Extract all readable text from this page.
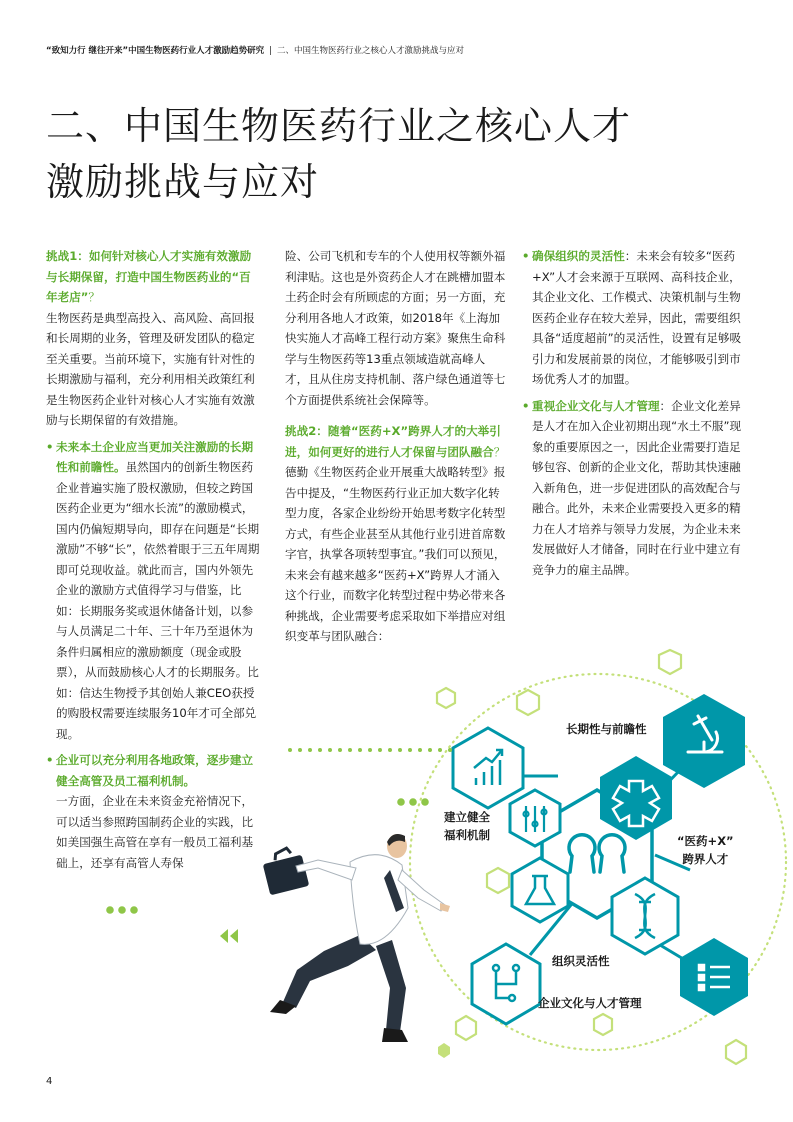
“致知力行 继往开来”中国生物医药行业人才激励趋势研究 | 二、中国生物医药行业之核心人才激励挑战与应对
二、中国生物医药行业之核心人才
激励挑战与应对

挑战1：如何针对核心人才实施有效激励与长期保留，打造中国生物医药业的“百年老店”？

生物医药是典型高投入、高风险、高回报和长周期的业务，管理及研发团队的稳定至关重要。当前环境下，实施有针对性的长期激励与福利，充分利用相关政策红利是生物医药企业针对核心人才实施有效激励与长期保留的有效措施。

• 未来本土企业应当更加关注激励的长期性和前瞻性。虽然国内的创新生物医药企业普遍实施了股权激励，但较之跨国医药企业更为“细水长流”的激励模式，国内仍偏短期导向，即存在问题是“长期激励”不够“长”，依然着眼于三五年周期即可兑现收益。就此而言，国内外领先企业的激励方式值得学习与借鉴，比如：长期服务奖或退休储备计划，以参与人员满足二十年、三十年乃至退休为条件归属相应的激励额度（现金或股票），从而鼓励核心人才的长期服务。比如：信达生物授予其创始人兼CEO获授的购股权需要连续服务10年才可全部兑现。

• 企业可以充分利用各地政策，逐步建立健全高管及员工福利机制。
一方面，企业在未来资金充裕情况下，可以适当参照跨国制药企业的实践，比如美国强生高管在享有一般员工福利基础上，还享有高管人寿保

险、公司飞机和专车的个人使用权等额外福利津贴。这也是外资药企人才在跳槽加盟本土药企时会有所顾虑的方面；另一方面，充分利用各地人才政策，如2018年《上海加快实施人才高峰工程行动方案》聚焦生命科学与生物医药等13重点领域造就高峰人才，且从住房支持机制、落户绿色通道等七个方面提供系统社会保障等。

挑战2：随着“医药+X”跨界人才的大举引进，如何更好的进行人才保留与团队融合？

德勤《生物医药企业开展重大战略转型》报告中提及，“生物医药行业正加大数字化转型力度，各家企业纷纷开始思考数字化转型方式，有些企业甚至从其他行业引进首席数字官，执掌各项转型事宜。”我们可以预见，未来会有越来越多“医药+X”跨界人才涌入这个行业，而数字化转型过程中势必带来各种挑战，企业需要考虑采取如下举措应对组织变革与团队融合：

• 确保组织的灵活性：未来会有较多“医药+X”人才会来源于互联网、高科技企业，其企业文化、工作模式、决策机制与生物医药企业存在较大差异，因此，需要组织具备“适度超前”的灵活性，设置有足够吸引力和发展前景的岗位，才能够吸引到市场优秀人才的加盟。

• 重视企业文化与人才管理：企业文化差异是人才在加入企业初期出现“水土不服”现象的重要原因之一，因此企业需要打造足够包容、创新的企业文化，帮助其快速融入新角色，进一步促进团队的高效配合与融合。此外，未来企业需要投入更多的精力在人才培养与领导力发展，为企业未来发展做好人才储备，同时在行业中建立有竞争力的雇主品牌。

长期性与前瞻性
建立健全
福利机制	“医药+X”
跨界人才
组织灵活性
企业文化与人才管理
4
